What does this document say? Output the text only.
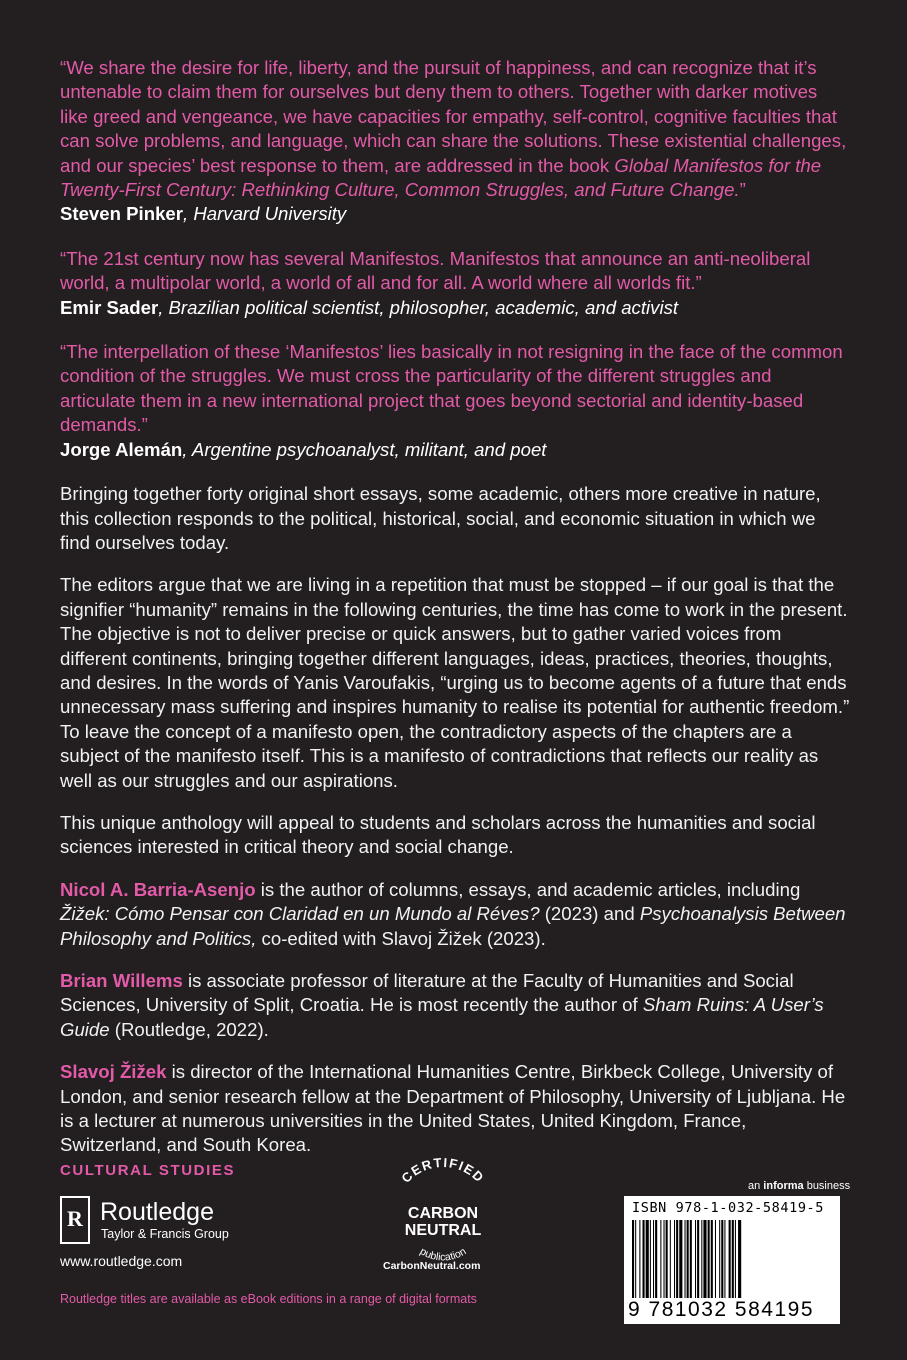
“We share the desire for life, liberty, and the pursuit of happiness, and can recognize that it’s untenable to claim them for ourselves but deny them to others. Together with darker motives like greed and vengeance, we have capacities for empathy, self-control, cognitive faculties that can solve problems, and language, which can share the solutions. These existential challenges, and our species’ best response to them, are addressed in the book Global Manifestos for the Twenty-First Century: Rethinking Culture, Common Struggles, and Future Change.”

Steven Pinker, Harvard University

“The 21st century now has several Manifestos. Manifestos that announce an anti-neoliberal world, a multipolar world, a world of all and for all. A world where all worlds fit.”

Emir Sader, Brazilian political scientist, philosopher, academic, and activist

“The interpellation of these ‘Manifestos’ lies basically in not resigning in the face of the common condition of the struggles. We must cross the particularity of the different struggles and articulate them in a new international project that goes beyond sectorial and identity-based demands.”

Jorge Alemán, Argentine psychoanalyst, militant, and poet

Bringing together forty original short essays, some academic, others more creative in nature, this collection responds to the political, historical, social, and economic situation in which we find ourselves today.

The editors argue that we are living in a repetition that must be stopped – if our goal is that the signifier “humanity” remains in the following centuries, the time has come to work in the present. The objective is not to deliver precise or quick answers, but to gather varied voices from different continents, bringing together different languages, ideas, practices, theories, thoughts, and desires. In the words of Yanis Varoufakis, “urging us to become agents of a future that ends unnecessary mass suffering and inspires humanity to realise its potential for authentic freedom.” To leave the concept of a manifesto open, the contradictory aspects of the chapters are a subject of the manifesto itself. This is a manifesto of contradictions that reflects our reality as well as our struggles and our aspirations.

This unique anthology will appeal to students and scholars across the humanities and social sciences interested in critical theory and social change.

Nicol A. Barria-Asenjo is the author of columns, essays, and academic articles, including Žižek: Cómo Pensar con Claridad en un Mundo al Réves? (2023) and Psychoanalysis Between Philosophy and Politics, co-edited with Slavoj Žižek (2023).

Brian Willems is associate professor of literature at the Faculty of Humanities and Social Sciences, University of Split, Croatia. He is most recently the author of Sham Ruins: A User’s Guide (Routledge, 2022).

Slavoj Žižek is director of the International Humanities Centre, Birkbeck College, University of London, and senior research fellow at the Department of Philosophy, University of Ljubljana. He is a lecturer at numerous universities in the United States, United Kingdom, France, Switzerland, and South Korea.

CULTURAL STUDIES
R Routledge
Taylor & Francis Group
www.routledge.com
Routledge titles are available as eBook editions in a range of digital formats
CERTIFIED
CARBON
NEUTRAL
publication
CarbonNeutral.com
an informa business
ISBN 978-1-032-58419-5
9 781032 584195
